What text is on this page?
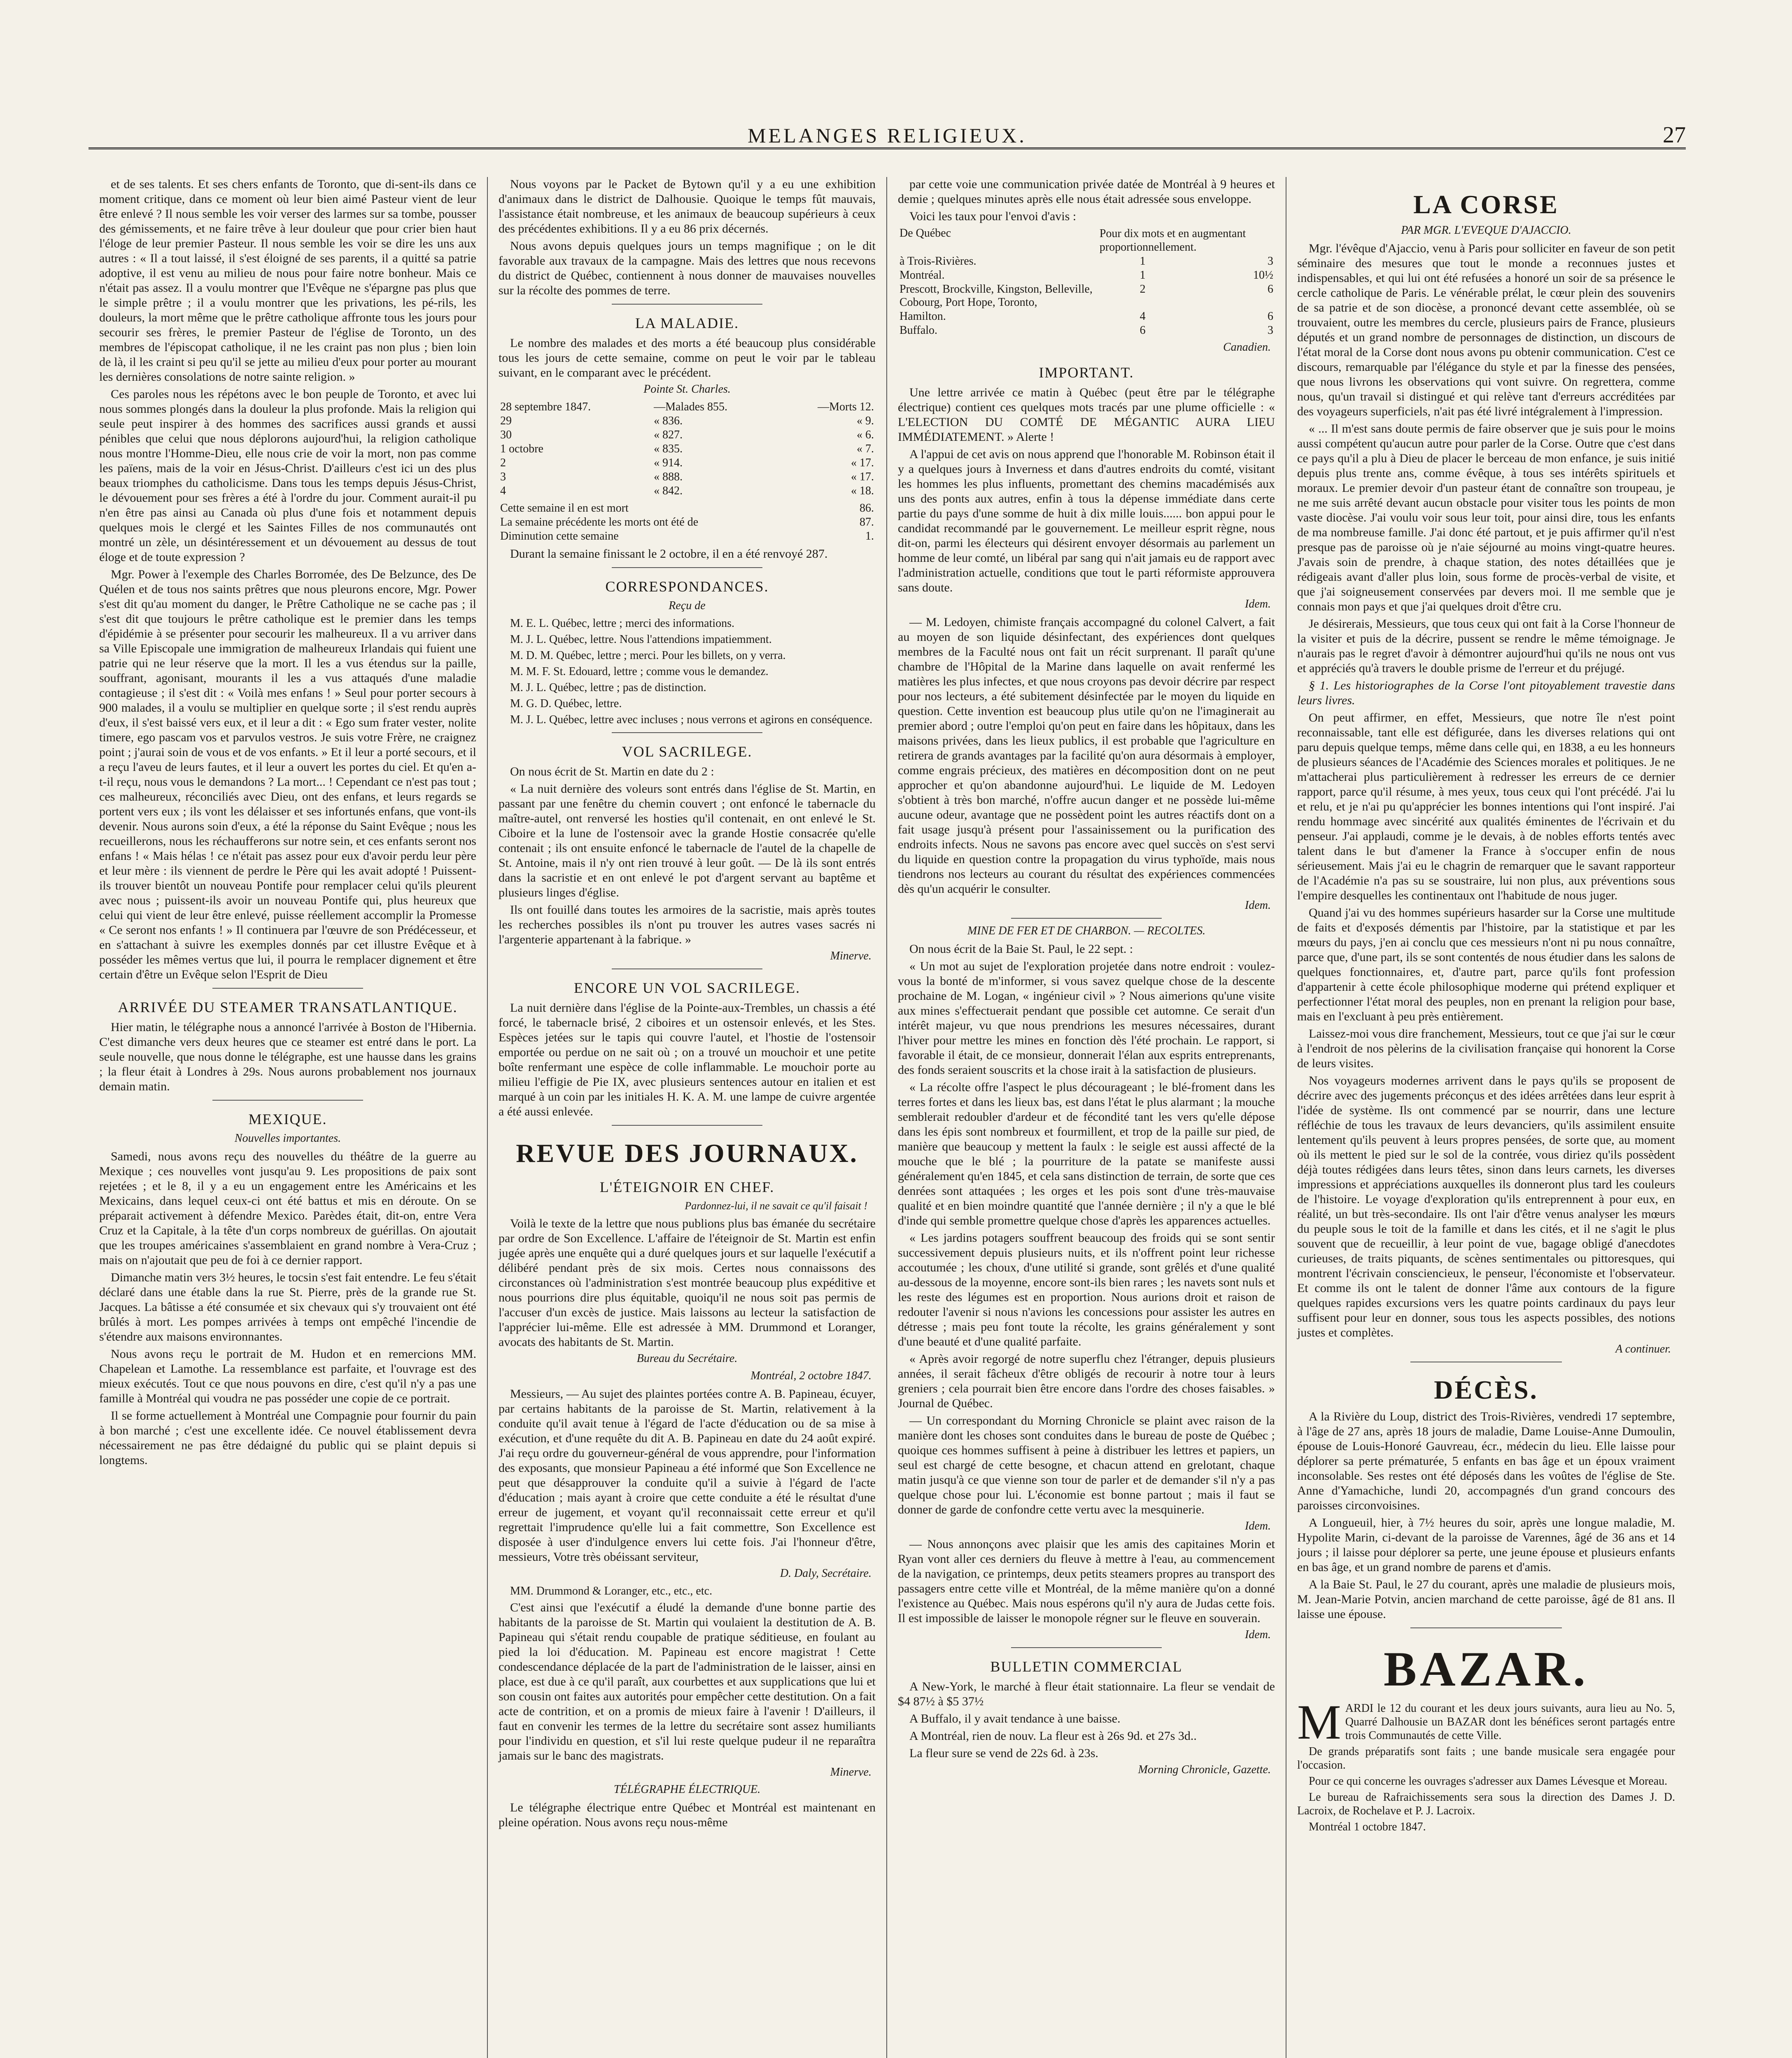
MELANGES RELIGIEUX.	27

et de ses talents. Et ses chers enfants de Toronto, que di-sent-ils dans ce moment critique, dans ce moment où leur bien aimé Pasteur vient de leur être enlevé ? Il nous semble les voir verser des larmes sur sa tombe, pousser des gémissements, et ne faire trêve à leur douleur que pour crier bien haut l'éloge de leur premier Pasteur. Il nous semble les voir se dire les uns aux autres : « Il a tout laissé, il s'est éloigné de ses parents, il a quitté sa patrie adoptive, il est venu au milieu de nous pour faire notre bonheur. Mais ce n'était pas assez. Il a voulu montrer que l'Evêque ne s'épargne pas plus que le simple prêtre ; il a voulu montrer que les privations, les pé-rils, les douleurs, la mort même que le prêtre catholique affronte tous les jours pour secourir ses frères, le premier Pasteur de l'église de Toronto, un des membres de l'épiscopat catholique, il ne les craint pas non plus ; bien loin de là, il les craint si peu qu'il se jette au milieu d'eux pour porter au mourant les dernières consolations de notre sainte religion. »

Ces paroles nous les répétons avec le bon peuple de Toronto, et avec lui nous sommes plongés dans la douleur la plus profonde. Mais la religion qui seule peut inspirer à des hommes des sacrifices aussi grands et aussi pénibles que celui que nous déplorons aujourd'hui, la religion catholique nous montre l'Homme-Dieu, elle nous crie de voir la mort, non pas comme les païens, mais de la voir en Jésus-Christ. D'ailleurs c'est ici un des plus beaux triomphes du catholicisme. Dans tous les temps depuis Jésus-Christ, le dévouement pour ses frères a été à l'ordre du jour. Comment aurait-il pu n'en être pas ainsi au Canada où plus d'une fois et notamment depuis quelques mois le clergé et les Saintes Filles de nos communautés ont montré un zèle, un désintéressement et un dévouement au dessus de tout éloge et de toute expression ?

Mgr. Power à l'exemple des Charles Borromée, des De Belzunce, des De Quélen et de tous nos saints prêtres que nous pleurons encore, Mgr. Power s'est dit qu'au moment du danger, le Prêtre Catholique ne se cache pas ; il s'est dit que toujours le prêtre catholique est le premier dans les temps d'épidémie à se présenter pour secourir les malheureux. Il a vu arriver dans sa Ville Episcopale une immigration de malheureux Irlandais qui fuient une patrie qui ne leur réserve que la mort. Il les a vus étendus sur la paille, souffrant, agonisant, mourants il les a vus attaqués d'une maladie contagieuse ; il s'est dit : « Voilà mes enfans ! » Seul pour porter secours à 900 malades, il a voulu se multiplier en quelque sorte ; il s'est rendu auprès d'eux, il s'est baissé vers eux, et il leur a dit : « Ego sum frater vester, nolite timere, ego pascam vos et parvulos vestros. Je suis votre Frère, ne craignez point ; j'aurai soin de vous et de vos enfants. » Et il leur a porté secours, et il a reçu l'aveu de leurs fautes, et il leur a ouvert les portes du ciel. Et qu'en a-t-il reçu, nous vous le demandons ? La mort... ! Cependant ce n'est pas tout ; ces malheureux, réconciliés avec Dieu, ont des enfans, et leurs regards se portent vers eux ; ils vont les délaisser et ses infortunés enfans, que vont-ils devenir. Nous aurons soin d'eux, a été la réponse du Saint Evêque ; nous les recueillerons, nous les réchaufferons sur notre sein, et ces enfants seront nos enfans ! « Mais hélas ! ce n'était pas assez pour eux d'avoir perdu leur père et leur mère : ils viennent de perdre le Père qui les avait adopté ! Puissent-ils trouver bientôt un nouveau Pontife pour remplacer celui qu'ils pleurent avec nous ; puissent-ils avoir un nouveau Pontife qui, plus heureux que celui qui vient de leur être enlevé, puisse réellement accomplir la Promesse « Ce seront nos enfants ! » Il continuera par l'œuvre de son Prédécesseur, et en s'attachant à suivre les exemples donnés par cet illustre Evêque et à posséder les mêmes vertus que lui, il pourra le remplacer dignement et être certain d'être un Evêque selon l'Esprit de Dieu

ARRIVÉE DU STEAMER TRANSATLANTIQUE.

Hier matin, le télégraphe nous a annoncé l'arrivée à Boston de l'Hibernia. C'est dimanche vers deux heures que ce steamer est entré dans le port. La seule nouvelle, que nous donne le télégraphe, est une hausse dans les grains ; la fleur était à Londres à 29s. Nous aurons probablement nos journaux demain matin.

MEXIQUE.
Nouvelles importantes.

Samedi, nous avons reçu des nouvelles du théâtre de la guerre au Mexique ; ces nouvelles vont jusqu'au 9. Les propositions de paix sont rejetées ; et le 8, il y a eu un engagement entre les Américains et les Mexicains, dans lequel ceux-ci ont été battus et mis en déroute. On se préparait activement à défendre Mexico. Parèdes était, dit-on, entre Vera Cruz et la Capitale, à la tête d'un corps nombreux de guérillas. On ajoutait que les troupes américaines s'assemblaient en grand nombre à Vera-Cruz ; mais on n'ajoutait que peu de foi à ce dernier rapport.

Dimanche matin vers 3½ heures, le tocsin s'est fait entendre. Le feu s'était déclaré dans une étable dans la rue St. Pierre, près de la grande rue St. Jacques. La bâtisse a été consumée et six chevaux qui s'y trouvaient ont été brûlés à mort. Les pompes arrivées à temps ont empêché l'incendie de s'étendre aux maisons environnantes.

Nous avons reçu le portrait de M. Hudon et en remercions MM. Chapelean et Lamothe. La ressemblance est parfaite, et l'ouvrage est des mieux exécutés. Tout ce que nous pouvons en dire, c'est qu'il n'y a pas une famille à Montréal qui voudra ne pas posséder une copie de ce portrait.

Il se forme actuellement à Montréal une Compagnie pour fournir du pain à bon marché ; c'est une excellente idée. Ce nouvel établissement devra nécessairement ne pas être dédaigné du public qui se plaint depuis si longtems.

Nous voyons par le Packet de Bytown qu'il y a eu une exhibition d'animaux dans le district de Dalhousie. Quoique le temps fût mauvais, l'assistance était nombreuse, et les animaux de beaucoup supérieurs à ceux des précédentes exhibitions. Il y a eu 86 prix décernés.

Nous avons depuis quelques jours un temps magnifique ; on le dit favorable aux travaux de la campagne. Mais des lettres que nous recevons du district de Québec, contiennent à nous donner de mauvaises nouvelles sur la récolte des pommes de terre.

LA MALADIE.

Le nombre des malades et des morts a été beaucoup plus considérable tous les jours de cette semaine, comme on peut le voir par le tableau suivant, en le comparant avec le précédent.

Pointe St. Charles.
28 septembre 1847.	—Malades 855.	—Morts 12.
29	« 836.	« 9.
30	« 827.	« 6.
1 octobre	« 835.	« 7.
2	« 914.	« 17.
3	« 888.	« 17.
4	« 842.	« 18.
Cette semaine il en est mort	86.
La semaine précédente les morts ont été de	87.
Diminution cette semaine	1.

Durant la semaine finissant le 2 octobre, il en a été renvoyé 287.

CORRESPONDANCES.
Reçu de

M. E. L. Québec, lettre ; merci des informations.

M. J. L. Québec, lettre. Nous l'attendions impatiemment.

M. D. M. Québec, lettre ; merci. Pour les billets, on y verra.

M. M. F. St. Edouard, lettre ; comme vous le demandez.

M. J. L. Québec, lettre ; pas de distinction.

M. G. D. Québec, lettre.

M. J. L. Québec, lettre avec incluses ; nous verrons et agirons en conséquence.

VOL SACRILEGE.

On nous écrit de St. Martin en date du 2 :

« La nuit dernière des voleurs sont entrés dans l'église de St. Martin, en passant par une fenêtre du chemin couvert ; ont enfoncé le tabernacle du maître-autel, ont renversé les hosties qu'il contenait, en ont enlevé le St. Ciboire et la lune de l'ostensoir avec la grande Hostie consacrée qu'elle contenait ; ils ont ensuite enfoncé le tabernacle de l'autel de la chapelle de St. Antoine, mais il n'y ont rien trouvé à leur goût. — De là ils sont entrés dans la sacristie et en ont enlevé le pot d'argent servant au baptême et plusieurs linges d'église.

Ils ont fouillé dans toutes les armoires de la sacristie, mais après toutes les recherches possibles ils n'ont pu trouver les autres vases sacrés ni l'argenterie appartenant à la fabrique. »

Minerve.
ENCORE UN VOL SACRILEGE.

La nuit dernière dans l'église de la Pointe-aux-Trembles, un chassis a été forcé, le tabernacle brisé, 2 ciboires et un ostensoir enlevés, et les Stes. Espèces jetées sur le tapis qui couvre l'autel, et l'hostie de l'ostensoir emportée ou perdue on ne sait où ; on a trouvé un mouchoir et une petite boîte renfermant une espèce de colle inflammable. Le mouchoir porte au milieu l'effigie de Pie IX, avec plusieurs sentences autour en italien et est marqué à un coin par les initiales H. K. A. M. une lampe de cuivre argentée a été aussi enlevée.

REVUE DES JOURNAUX.
L'ÉTEIGNOIR EN CHEF.
Pardonnez-lui, il ne savait ce qu'il faisait !

Voilà le texte de la lettre que nous publions plus bas émanée du secrétaire par ordre de Son Excellence. L'affaire de l'éteignoir de St. Martin est enfin jugée après une enquête qui a duré quelques jours et sur laquelle l'exécutif a délibéré pendant près de six mois. Certes nous connaissons des circonstances où l'administration s'est montrée beaucoup plus expéditive et nous pourrions dire plus équitable, quoiqu'il ne nous soit pas permis de l'accuser d'un excès de justice. Mais laissons au lecteur la satisfaction de l'apprécier lui-même. Elle est adressée à MM. Drummond et Loranger, avocats des habitants de St. Martin.

Bureau du Secrétaire.
Montréal, 2 octobre 1847.

Messieurs, — Au sujet des plaintes portées contre A. B. Papineau, écuyer, par certains habitants de la paroisse de St. Martin, relativement à la conduite qu'il avait tenue à l'égard de l'acte d'éducation ou de sa mise à exécution, et d'une requête du dit A. B. Papineau en date du 24 août expiré. J'ai reçu ordre du gouverneur-général de vous apprendre, pour l'information des exposants, que monsieur Papineau a été informé que Son Excellence ne peut que désapprouver la conduite qu'il a suivie à l'égard de l'acte d'éducation ; mais ayant à croire que cette conduite a été le résultat d'une erreur de jugement, et voyant qu'il reconnaissait cette erreur et qu'il regrettait l'imprudence qu'elle lui a fait commettre, Son Excellence est disposée à user d'indulgence envers lui cette fois. J'ai l'honneur d'être, messieurs, Votre très obéissant serviteur,

D. Daly, Secrétaire.

MM. Drummond & Loranger, etc., etc., etc.

C'est ainsi que l'exécutif a éludé la demande d'une bonne partie des habitants de la paroisse de St. Martin qui voulaient la destitution de A. B. Papineau qui s'était rendu coupable de pratique séditieuse, en foulant au pied la loi d'éducation. M. Papineau est encore magistrat ! Cette condescendance déplacée de la part de l'administration de le laisser, ainsi en place, est due à ce qu'il paraît, aux courbettes et aux supplications que lui et son cousin ont faites aux autorités pour empêcher cette destitution. On a fait acte de contrition, et on a promis de mieux faire à l'avenir ! D'ailleurs, il faut en convenir les termes de la lettre du secrétaire sont assez humiliants pour l'individu en question, et s'il lui reste quelque pudeur il ne reparaîtra jamais sur le banc des magistrats.

Minerve.
TÉLÉGRAPHE ÉLECTRIQUE.

Le télégraphe électrique entre Québec et Montréal est maintenant en pleine opération. Nous avons reçu nous-même

par cette voie une communication privée datée de Montréal à 9 heures et demie ; quelques minutes après elle nous était adressée sous enveloppe.

Voici les taux pour l'envoi d'avis :

De Québec	Pour dix mots et en augmentant proportionnellement.	
à Trois-Rivières.	1	3
Montréal.	1	10½
Prescott, Brockville, Kingston, Belleville, Cobourg, Port Hope, Toronto,	2	6
Hamilton.	4	6
Buffalo.	6	3
Canadien.
IMPORTANT.

Une lettre arrivée ce matin à Québec (peut être par le télégraphe électrique) contient ces quelques mots tracés par une plume officielle : « L'ELECTION DU COMTÉ DE MÉGANTIC AURA LIEU IMMÉDIATEMENT. » Alerte !

A l'appui de cet avis on nous apprend que l'honorable M. Robinson était il y a quelques jours à Inverness et dans d'autres endroits du comté, visitant les hommes les plus influents, promettant des chemins macadémisés aux uns des ponts aux autres, enfin à tous la dépense immédiate dans certe partie du pays d'une somme de huit à dix mille louis...... bon appui pour le candidat recommandé par le gouvernement. Le meilleur esprit règne, nous dit-on, parmi les électeurs qui désirent envoyer désormais au parlement un homme de leur comté, un libéral par sang qui n'ait jamais eu de rapport avec l'administration actuelle, conditions que tout le parti réformiste approuvera sans doute.

Idem.

— M. Ledoyen, chimiste français accompagné du colonel Calvert, a fait au moyen de son liquide désinfectant, des expériences dont quelques membres de la Faculté nous ont fait un récit surprenant. Il paraît qu'une chambre de l'Hôpital de la Marine dans laquelle on avait renfermé les matières les plus infectes, et que nous croyons pas devoir décrire par respect pour nos lecteurs, a été subitement désinfectée par le moyen du liquide en question. Cette invention est beaucoup plus utile qu'on ne l'imaginerait au premier abord ; outre l'emploi qu'on peut en faire dans les hôpitaux, dans les maisons privées, dans les lieux publics, il est probable que l'agriculture en retirera de grands avantages par la facilité qu'on aura désormais à employer, comme engrais précieux, des matières en décomposition dont on ne peut approcher et qu'on abandonne aujourd'hui. Le liquide de M. Ledoyen s'obtient à très bon marché, n'offre aucun danger et ne possède lui-même aucune odeur, avantage que ne possèdent point les autres réactifs dont on a fait usage jusqu'à présent pour l'assainissement ou la purification des endroits infects. Nous ne savons pas encore avec quel succès on s'est servi du liquide en question contre la propagation du virus typhoïde, mais nous tiendrons nos lecteurs au courant du résultat des expériences commencées dès qu'un acquérir le consulter.

Idem.
MINE DE FER ET DE CHARBON. — RECOLTES.

On nous écrit de la Baie St. Paul, le 22 sept. :

« Un mot au sujet de l'exploration projetée dans notre endroit : voulez-vous la bonté de m'informer, si vous savez quelque chose de la descente prochaine de M. Logan, « ingénieur civil » ? Nous aimerions qu'une visite aux mines s'effectuerait pendant que possible cet automne. Ce serait d'un intérêt majeur, vu que nous prendrions les mesures nécessaires, durant l'hiver pour mettre les mines en fonction dès l'été prochain. Le rapport, si favorable il était, de ce monsieur, donnerait l'élan aux esprits entreprenants, des fonds seraient souscrits et la chose irait à la satisfaction de plusieurs.

« La récolte offre l'aspect le plus décourageant ; le blé-froment dans les terres fortes et dans les lieux bas, est dans l'état le plus alarmant ; la mouche semblerait redoubler d'ardeur et de fécondité tant les vers qu'elle dépose dans les épis sont nombreux et fourmillent, et trop de la paille sur pied, de manière que beaucoup y mettent la faulx : le seigle est aussi affecté de la mouche que le blé ; la pourriture de la patate se manifeste aussi généralement qu'en 1845, et cela sans distinction de terrain, de sorte que ces denrées sont attaquées ; les orges et les pois sont d'une très-mauvaise qualité et en bien moindre quantité que l'année dernière ; il n'y a que le blé d'inde qui semble promettre quelque chose d'après les apparences actuelles.

« Les jardins potagers souffrent beaucoup des froids qui se sont sentir successivement depuis plusieurs nuits, et ils n'offrent point leur richesse accoutumée ; les choux, d'une utilité si grande, sont grêlés et d'une qualité au-dessous de la moyenne, encore sont-ils bien rares ; les navets sont nuls et les reste des légumes est en proportion. Nous aurions droit et raison de redouter l'avenir si nous n'avions les concessions pour assister les autres en détresse ; mais peu font toute la récolte, les grains généralement y sont d'une beauté et d'une qualité parfaite.

« Après avoir regorgé de notre superflu chez l'étranger, depuis plusieurs années, il serait fâcheux d'être obligés de recourir à notre tour à leurs greniers ; cela pourrait bien être encore dans l'ordre des choses faisables. » Journal de Québec.

— Un correspondant du Morning Chronicle se plaint avec raison de la manière dont les choses sont conduites dans le bureau de poste de Québec ; quoique ces hommes suffisent à peine à distribuer les lettres et papiers, un seul est chargé de cette besogne, et chacun attend en grelotant, chaque matin jusqu'à ce que vienne son tour de parler et de demander s'il n'y a pas quelque chose pour lui. L'économie est bonne partout ; mais il faut se donner de garde de confondre cette vertu avec la mesquinerie.

Idem.

— Nous annonçons avec plaisir que les amis des capitaines Morin et Ryan vont aller ces derniers du fleuve à mettre à l'eau, au commencement de la navigation, ce printemps, deux petits steamers propres au transport des passagers entre cette ville et Montréal, de la même manière qu'on a donné l'existence au Québec. Mais nous espérons qu'il n'y aura de Judas cette fois. Il est impossible de laisser le monopole régner sur le fleuve en souverain.

Idem.
BULLETIN COMMERCIAL

A New-York, le marché à fleur était stationnaire. La fleur se vendait de $4 87½ à $5 37½

A Buffalo, il y avait tendance à une baisse.

A Montréal, rien de nouv. La fleur est à 26s 9d. et 27s 3d..

La fleur sure se vend de 22s 6d. à 23s.

Morning Chronicle, Gazette.
LA CORSE
PAR MGR. L'EVEQUE D'AJACCIO.

Mgr. l'évêque d'Ajaccio, venu à Paris pour solliciter en faveur de son petit séminaire des mesures que tout le monde a reconnues justes et indispensables, et qui lui ont été refusées a honoré un soir de sa présence le cercle catholique de Paris. Le vénérable prélat, le cœur plein des souvenirs de sa patrie et de son diocèse, a prononcé devant cette assemblée, où se trouvaient, outre les membres du cercle, plusieurs pairs de France, plusieurs députés et un grand nombre de personnages de distinction, un discours de l'état moral de la Corse dont nous avons pu obtenir communication. C'est ce discours, remarquable par l'élégance du style et par la finesse des pensées, que nous livrons les observations qui vont suivre. On regrettera, comme nous, qu'un travail si distingué et qui relève tant d'erreurs accréditées par des voyageurs superficiels, n'ait pas été livré intégralement à l'impression.

« ... Il m'est sans doute permis de faire observer que je suis pour le moins aussi compétent qu'aucun autre pour parler de la Corse. Outre que c'est dans ce pays qu'il a plu à Dieu de placer le berceau de mon enfance, je suis initié depuis plus trente ans, comme évêque, à tous ses intérêts spirituels et moraux. Le premier devoir d'un pasteur étant de connaître son troupeau, je ne me suis arrêté devant aucun obstacle pour visiter tous les points de mon vaste diocèse. J'ai voulu voir sous leur toit, pour ainsi dire, tous les enfants de ma nombreuse famille. J'ai donc été partout, et je puis affirmer qu'il n'est presque pas de paroisse où je n'aie séjourné au moins vingt-quatre heures. J'avais soin de prendre, à chaque station, des notes détaillées que je rédigeais avant d'aller plus loin, sous forme de procès-verbal de visite, et que j'ai soigneusement conservées par devers moi. Il me semble que je connais mon pays et que j'ai quelques droit d'être cru.

Je désirerais, Messieurs, que tous ceux qui ont fait à la Corse l'honneur de la visiter et puis de la décrire, pussent se rendre le même témoignage. Je n'aurais pas le regret d'avoir à démontrer aujourd'hui qu'ils ne nous ont vus et appréciés qu'à travers le double prisme de l'erreur et du préjugé.

§ 1. Les historiographes de la Corse l'ont pitoyablement travestie dans leurs livres.

On peut affirmer, en effet, Messieurs, que notre île n'est point reconnaissable, tant elle est défigurée, dans les diverses relations qui ont paru depuis quelque temps, même dans celle qui, en 1838, a eu les honneurs de plusieurs séances de l'Académie des Sciences morales et politiques. Je ne m'attacherai plus particulièrement à redresser les erreurs de ce dernier rapport, parce qu'il résume, à mes yeux, tous ceux qui l'ont précédé. J'ai lu et relu, et je n'ai pu qu'apprécier les bonnes intentions qui l'ont inspiré. J'ai rendu hommage avec sincérité aux qualités éminentes de l'écrivain et du penseur. J'ai applaudi, comme je le devais, à de nobles efforts tentés avec talent dans le but d'amener la France à s'occuper enfin de nous sérieusement. Mais j'ai eu le chagrin de remarquer que le savant rapporteur de l'Académie n'a pas su se soustraire, lui non plus, aux préventions sous l'empire desquelles les continentaux ont l'habitude de nous juger.

Quand j'ai vu des hommes supérieurs hasarder sur la Corse une multitude de faits et d'exposés démentis par l'histoire, par la statistique et par les mœurs du pays, j'en ai conclu que ces messieurs n'ont ni pu nous connaître, parce que, d'une part, ils se sont contentés de nous étudier dans les salons de quelques fonctionnaires, et, d'autre part, parce qu'ils font profession d'appartenir à cette école philosophique moderne qui prétend expliquer et perfectionner l'état moral des peuples, non en prenant la religion pour base, mais en l'excluant à peu près entièrement.

Laissez-moi vous dire franchement, Messieurs, tout ce que j'ai sur le cœur à l'endroit de nos pèlerins de la civilisation française qui honorent la Corse de leurs visites.

Nos voyageurs modernes arrivent dans le pays qu'ils se proposent de décrire avec des jugements préconçus et des idées arrêtées dans leur esprit à l'idée de système. Ils ont commencé par se nourrir, dans une lecture réfléchie de tous les travaux de leurs devanciers, qu'ils assimilent ensuite lentement qu'ils peuvent à leurs propres pensées, de sorte que, au moment où ils mettent le pied sur le sol de la contrée, vous diriez qu'ils possèdent déjà toutes rédigées dans leurs têtes, sinon dans leurs carnets, les diverses impressions et appréciations auxquelles ils donneront plus tard les couleurs de l'histoire. Le voyage d'exploration qu'ils entreprennent à pour eux, en réalité, un but très-secondaire. Ils ont l'air d'être venus analyser les mœurs du peuple sous le toit de la famille et dans les cités, et il ne s'agit le plus souvent que de recueillir, à leur point de vue, bagage obligé d'anecdotes curieuses, de traits piquants, de scènes sentimentales ou pittoresques, qui montrent l'écrivain consciencieux, le penseur, l'économiste et l'observateur. Et comme ils ont le talent de donner l'âme aux contours de la figure quelques rapides excursions vers les quatre points cardinaux du pays leur suffisent pour leur en donner, sous tous les aspects possibles, des notions justes et complètes.

A continuer.
DÉCÈS.

A la Rivière du Loup, district des Trois-Rivières, vendredi 17 septembre, à l'âge de 27 ans, après 18 jours de maladie, Dame Louise-Anne Dumoulin, épouse de Louis-Honoré Gauvreau, écr., médecin du lieu. Elle laisse pour déplorer sa perte prématurée, 5 enfants en bas âge et un époux vraiment inconsolable. Ses restes ont été déposés dans les voûtes de l'église de Ste. Anne d'Yamachiche, lundi 20, accompagnés d'un grand concours des paroisses circonvoisines.

A Longueuil, hier, à 7½ heures du soir, après une longue maladie, M. Hypolite Marin, ci-devant de la paroisse de Varennes, âgé de 36 ans et 14 jours ; il laisse pour déplorer sa perte, une jeune épouse et plusieurs enfants en bas âge, et un grand nombre de parens et d'amis.

A la Baie St. Paul, le 27 du courant, après une maladie de plusieurs mois, M. Jean-Marie Potvin, ancien marchand de cette paroisse, âgé de 81 ans. Il laisse une épouse.

BAZAR.

MARDI le 12 du courant et les deux jours suivants, aura lieu au No. 5, Quarré Dalhousie un BAZAR dont les bénéfices seront partagés entre trois Communautés de cette Ville.

De grands préparatifs sont faits ; une bande musicale sera engagée pour l'occasion.

Pour ce qui concerne les ouvrages s'adresser aux Dames Lévesque et Moreau.

Le bureau de Rafraichissements sera sous la direction des Dames J. D. Lacroix, de Rochelave et P. J. Lacroix.

Montréal 1 octobre 1847.
